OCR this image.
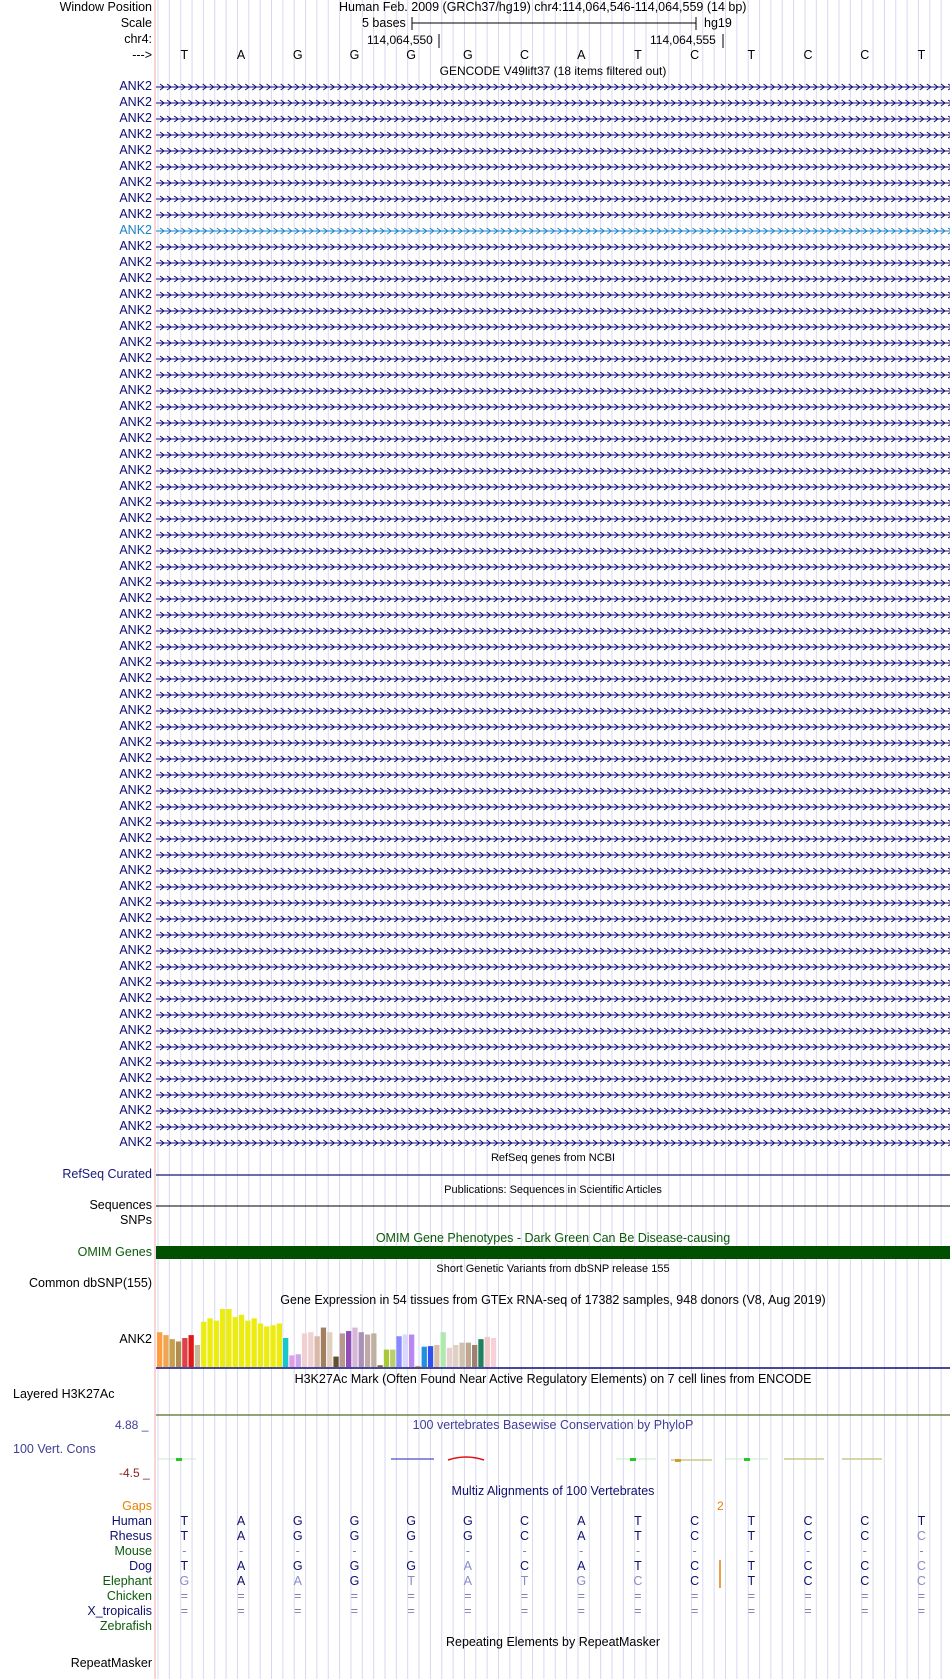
Window Position
Scale
chr4:
--->
Human Feb. 2009 (GRCh37/hg19) chr4:114,064,546-114,064,559 (14 bp)
5 bases	hg19
114,064,550	114,064,555
T	A	G	G	G	G	C	A	T	C	T	C	C	T
GENCODE V49lift37 (18 items filtered out)
ANK2
ANK2
ANK2
ANK2
ANK2
ANK2
ANK2
ANK2
ANK2
ANK2
ANK2
ANK2
ANK2
ANK2
ANK2
ANK2
ANK2
ANK2
ANK2
ANK2
ANK2
ANK2
ANK2
ANK2
ANK2
ANK2
ANK2
ANK2
ANK2
ANK2
ANK2
ANK2
ANK2
ANK2
ANK2
ANK2
ANK2
ANK2
ANK2
ANK2
ANK2
ANK2
ANK2
ANK2
ANK2
ANK2
ANK2
ANK2
ANK2
ANK2
ANK2
ANK2
ANK2
ANK2
ANK2
ANK2
ANK2
ANK2
ANK2
ANK2
ANK2
ANK2
ANK2
ANK2
ANK2
ANK2
ANK2
RefSeq genes from NCBI
RefSeq Curated
Publications: Sequences in Scientific Articles
Sequences
SNPs
OMIM Gene Phenotypes - Dark Green Can Be Disease-causing
OMIM Genes
Short Genetic Variants from dbSNP release 155
Common dbSNP(155)
Gene Expression in 54 tissues from GTEx RNA-seq of 17382 samples, 948 donors (V8, Aug 2019)
ANK2
H3K27Ac Mark (Often Found Near Active Regulatory Elements) on 7 cell lines from ENCODE
Layered H3K27Ac
100 vertebrates Basewise Conservation by PhyloP
4.88 _
100 Vert. Cons
-4.5 _
Multiz Alignments of 100 Vertebrates
Gaps	2
Human	T	A	G	G	G	G	C	A	T	C	T	C	C	T
Rhesus	T	A	G	G	G	G	C	A	T	C	T	C	C	C
Mouse	-	-	-	-	-	-	-	-	-	-	-	-	-	-
Dog	T	A	G	G	G	A	C	A	T	C	T	C	C	C
Elephant	G	A	A	G	T	A	T	G	C	C	T	C	C	C
Chicken	=	=	=	=	=	=	=	=	=	=	=	=	=	=
X_tropicalis	=	=	=	=	=	=	=	=	=	=	=	=	=	=
Zebrafish
Repeating Elements by RepeatMasker
RepeatMasker
